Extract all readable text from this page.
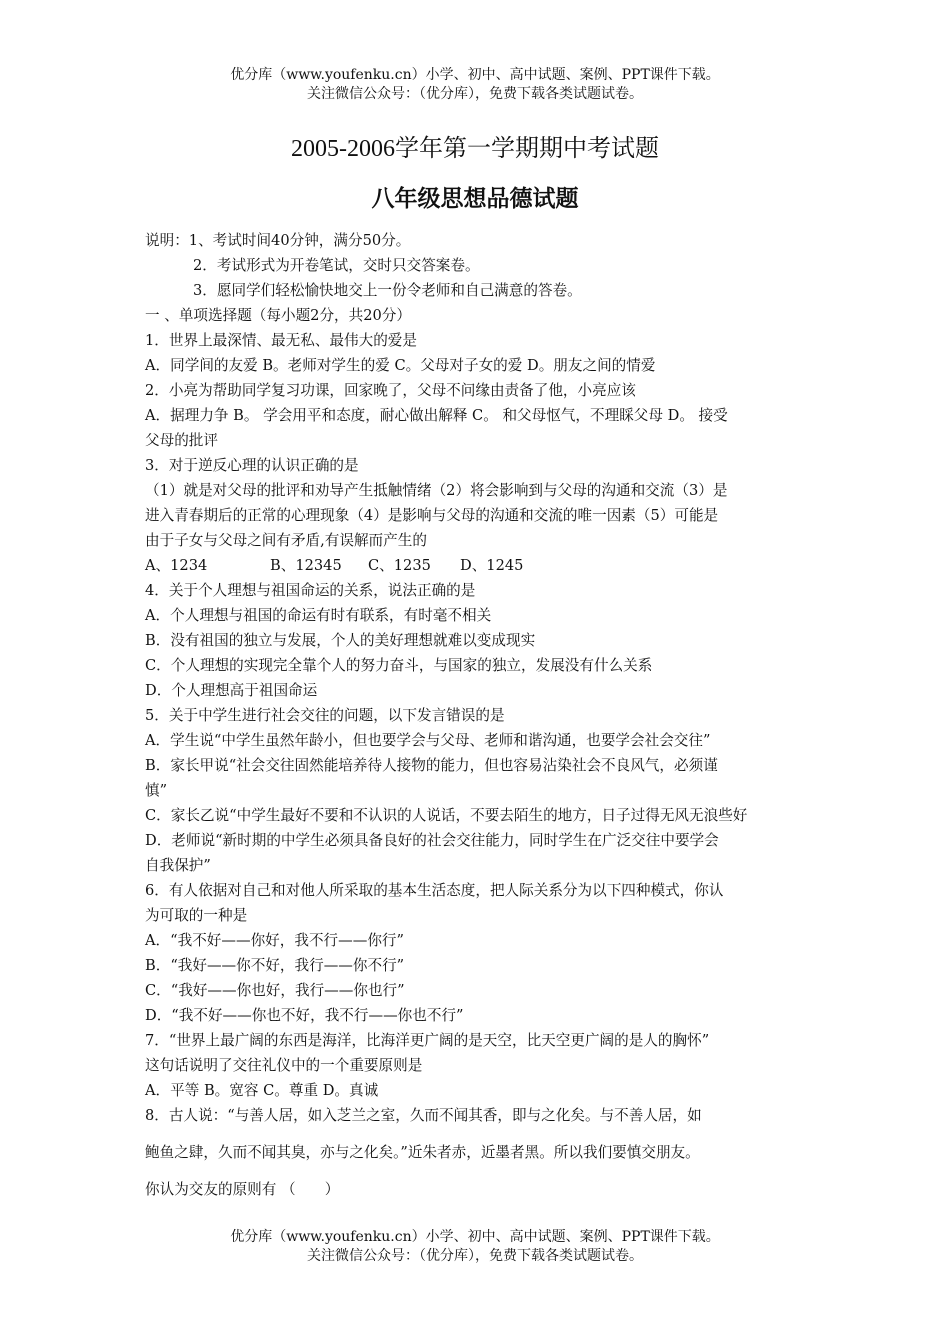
优分库（www.youfenku.cn）小学、初中、高中试题、案例、PPT课件下载。
关注微信公众号：（优分库），免费下载各类试题试卷。
2005-2006学年第一学期期中考试题
八年级思想品德试题
说明：1、考试时间40分钟，满分50分。
2．考试形式为开卷笔试，交时只交答案卷。
3．愿同学们轻松愉快地交上一份令老师和自己满意的答卷。
一 、单项选择题（每小题2分，共20分）
1．世界上最深情、最无私、最伟大的爱是
A．同学间的友爱 B。老师对学生的爱 C。父母对子女的爱 D。朋友之间的情爱
2．小亮为帮助同学复习功课，回家晚了，父母不问缘由责备了他，小亮应该
A．据理力争 B。 学会用平和态度，耐心做出解释 C。 和父母怄气，不理睬父母 D。 接受
父母的批评
3．对于逆反心理的认识正确的是
（1）就是对父母的批评和劝导产生抵触情绪（2）将会影响到与父母的沟通和交流（3）是
进入青春期后的正常的心理现象（4）是影响与父母的沟通和交流的唯一因素（5）可能是
由于子女与父母之间有矛盾,有误解而产生的
A、1234	B、12345 C、1235 D、1245
4．关于个人理想与祖国命运的关系，说法正确的是
A．个人理想与祖国的命运有时有联系，有时毫不相关
B．没有祖国的独立与发展，个人的美好理想就难以变成现实
C．个人理想的实现完全靠个人的努力奋斗，与国家的独立，发展没有什么关系
D．个人理想高于祖国命运
5．关于中学生进行社会交往的问题，以下发言错误的是
A．学生说“中学生虽然年龄小，但也要学会与父母、老师和谐沟通，也要学会社会交往”
B．家长甲说“社会交往固然能培养待人接物的能力，但也容易沾染社会不良风气，必须谨
慎”
C．家长乙说“中学生最好不要和不认识的人说话，不要去陌生的地方，日子过得无风无浪些好
D．老师说“新时期的中学生必须具备良好的社会交往能力，同时学生在广泛交往中要学会
自我保护”
6．有人依据对自己和对他人所采取的基本生活态度，把人际关系分为以下四种模式，你认
为可取的一种是
A．“我不好——你好，我不行——你行”
B．“我好——你不好，我行——你不行”
C．“我好——你也好，我行——你也行”
D．“我不好——你也不好，我不行——你也不行”
7．“世界上最广阔的东西是海洋，比海洋更广阔的是天空，比天空更广阔的是人的胸怀”
这句话说明了交往礼仪中的一个重要原则是
A．平等 B。宽容 C。尊重 D。真诚
8．古人说：“与善人居，如入芝兰之室，久而不闻其香，即与之化矣。与不善人居，如
鲍鱼之肆，久而不闻其臭，亦与之化矣。”近朱者赤，近墨者黑。所以我们要慎交朋友。
你认为交友的原则有 （　　）
优分库（www.youfenku.cn）小学、初中、高中试题、案例、PPT课件下载。
关注微信公众号：（优分库），免费下载各类试题试卷。
